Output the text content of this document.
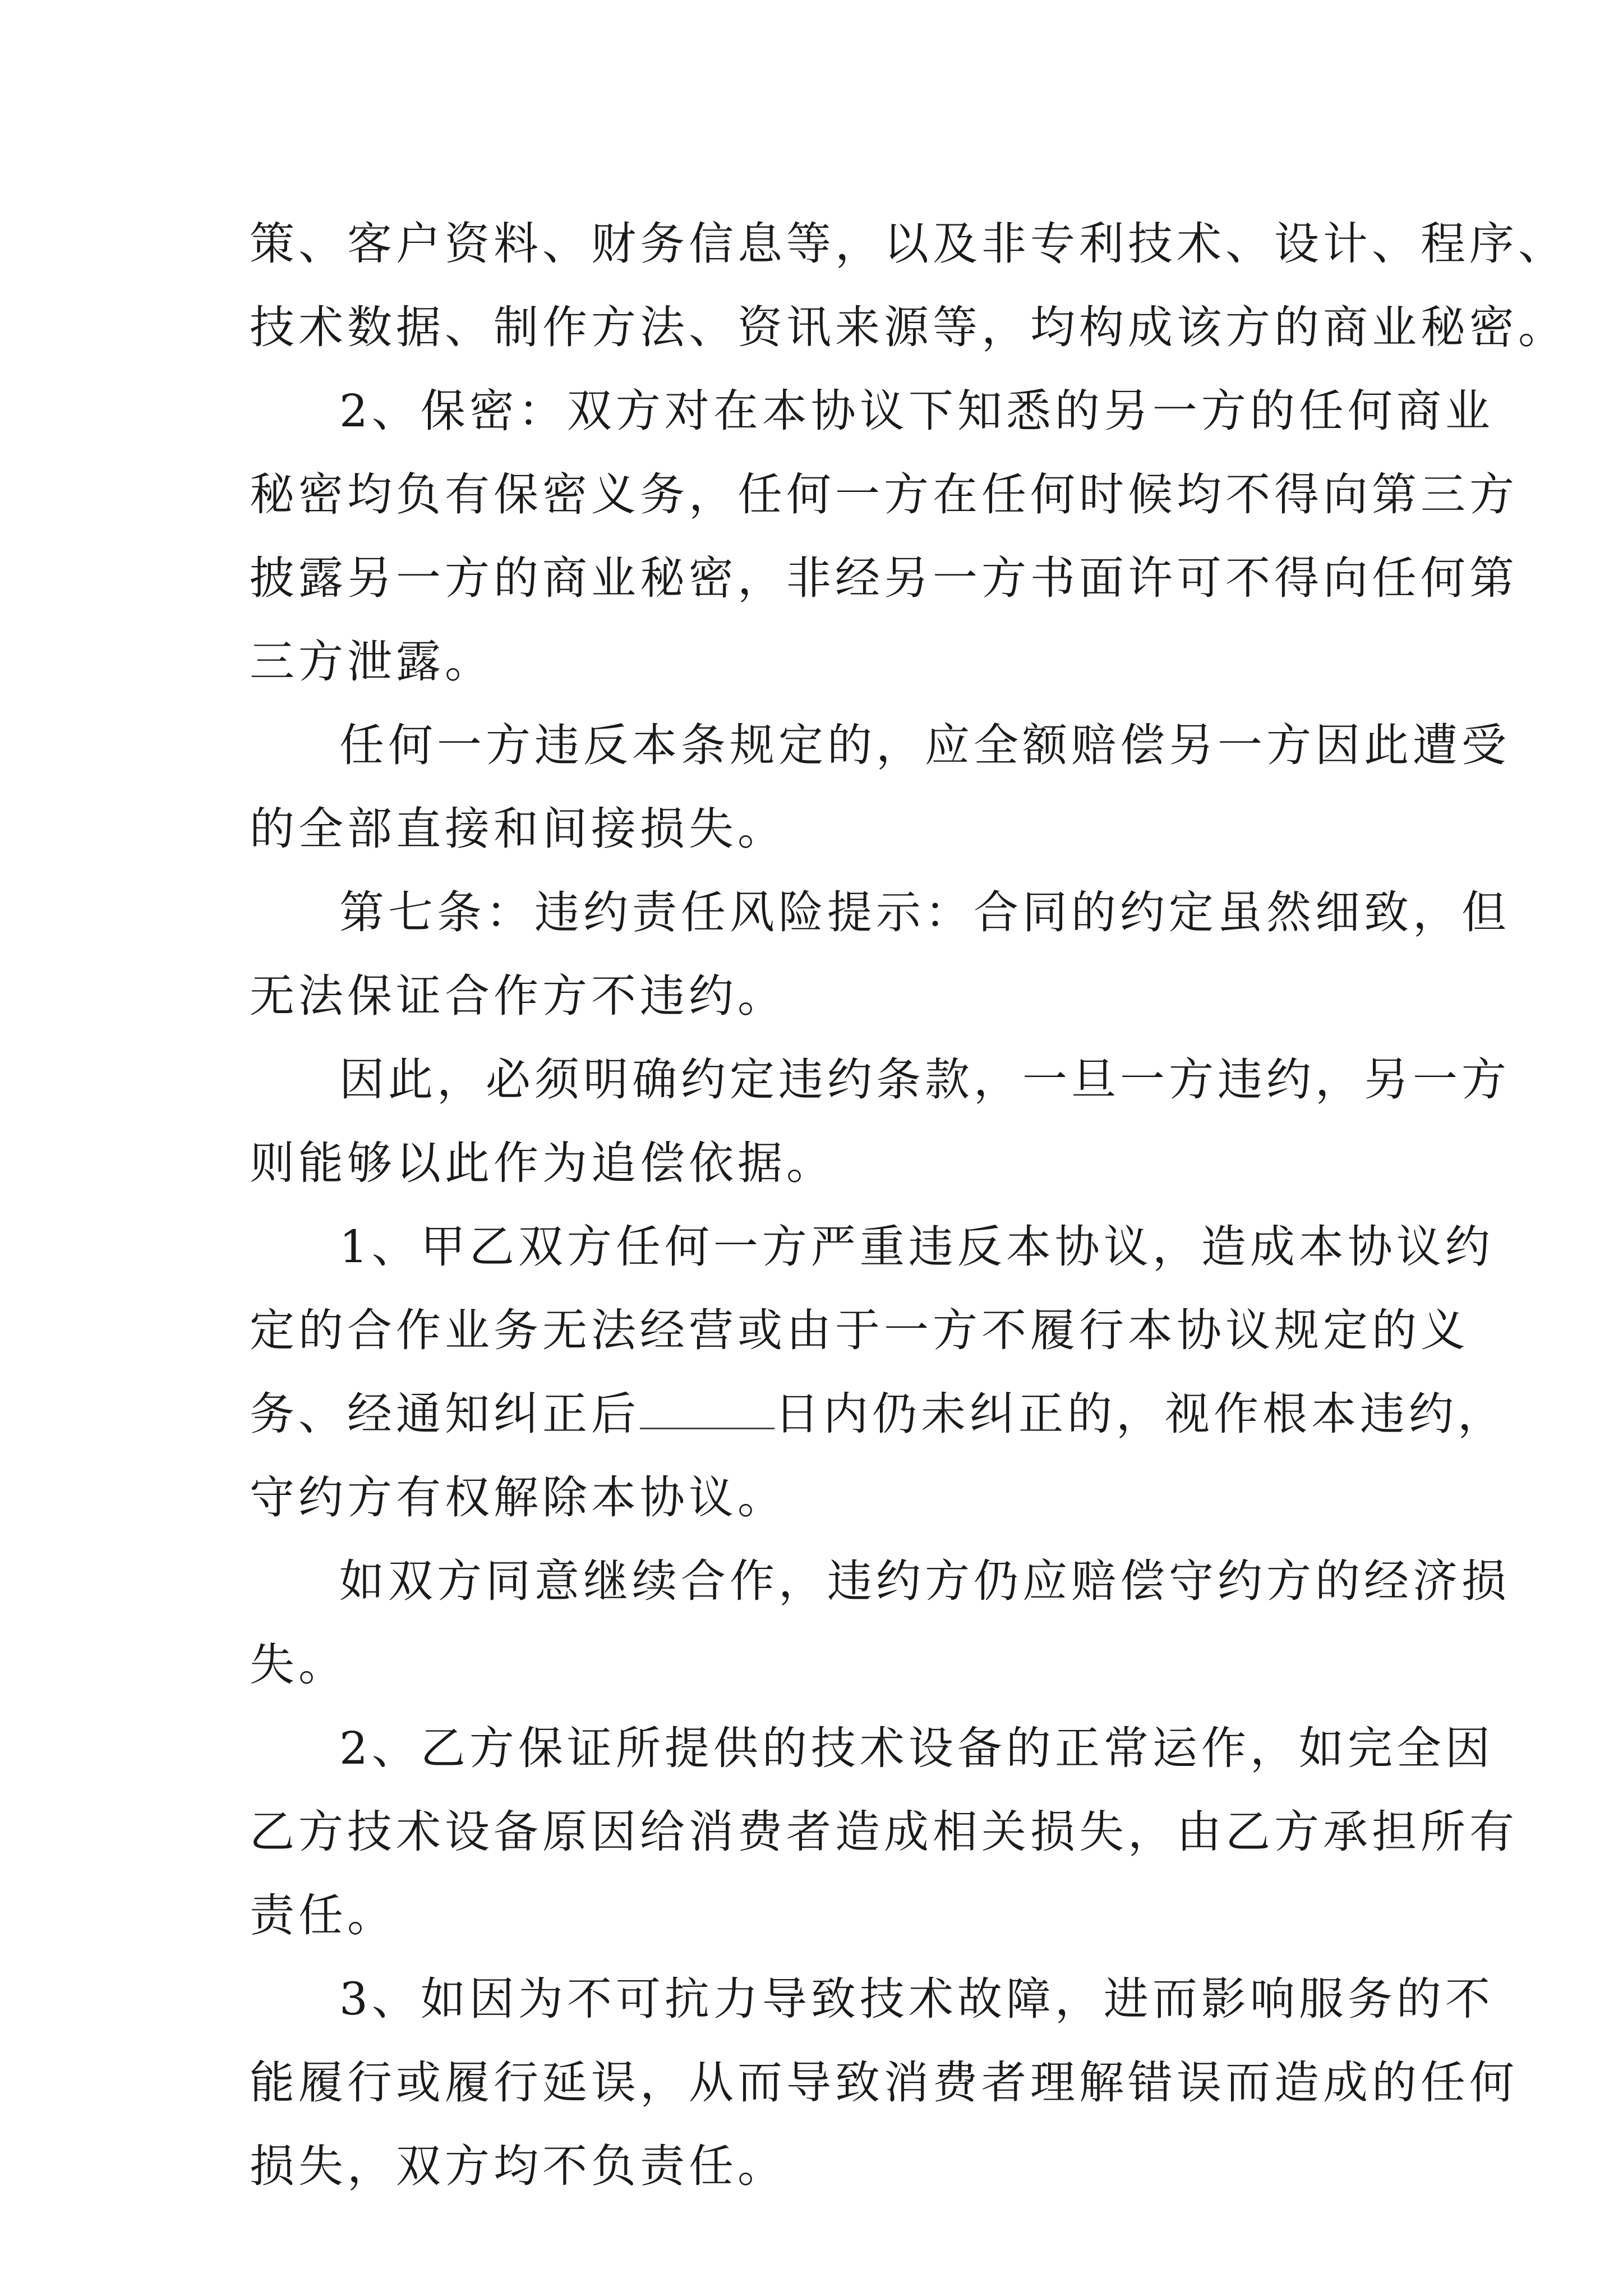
策、客户资料、财务信息等，以及非专利技术、设计、程序、
技术数据、制作方法、资讯来源等，均构成该方的商业秘密。
2、保密：双方对在本协议下知悉的另一方的任何商业
秘密均负有保密义务，任何一方在任何时候均不得向第三方
披露另一方的商业秘密，非经另一方书面许可不得向任何第
三方泄露。
任何一方违反本条规定的，应全额赔偿另一方因此遭受
的全部直接和间接损失。
第七条：违约责任风险提示：合同的约定虽然细致，但
无法保证合作方不违约。
因此，必须明确约定违约条款，一旦一方违约，另一方
则能够以此作为追偿依据。
1、甲乙双方任何一方严重违反本协议，造成本协议约
定的合作业务无法经营或由于一方不履行本协议规定的义
务、经通知纠正后	日内仍未纠正的，视作根本违约，
守约方有权解除本协议。
如双方同意继续合作，违约方仍应赔偿守约方的经济损
失。
2、乙方保证所提供的技术设备的正常运作，如完全因
乙方技术设备原因给消费者造成相关损失，由乙方承担所有
责任。
3、如因为不可抗力导致技术故障，进而影响服务的不
能履行或履行延误，从而导致消费者理解错误而造成的任何
损失，双方均不负责任。
